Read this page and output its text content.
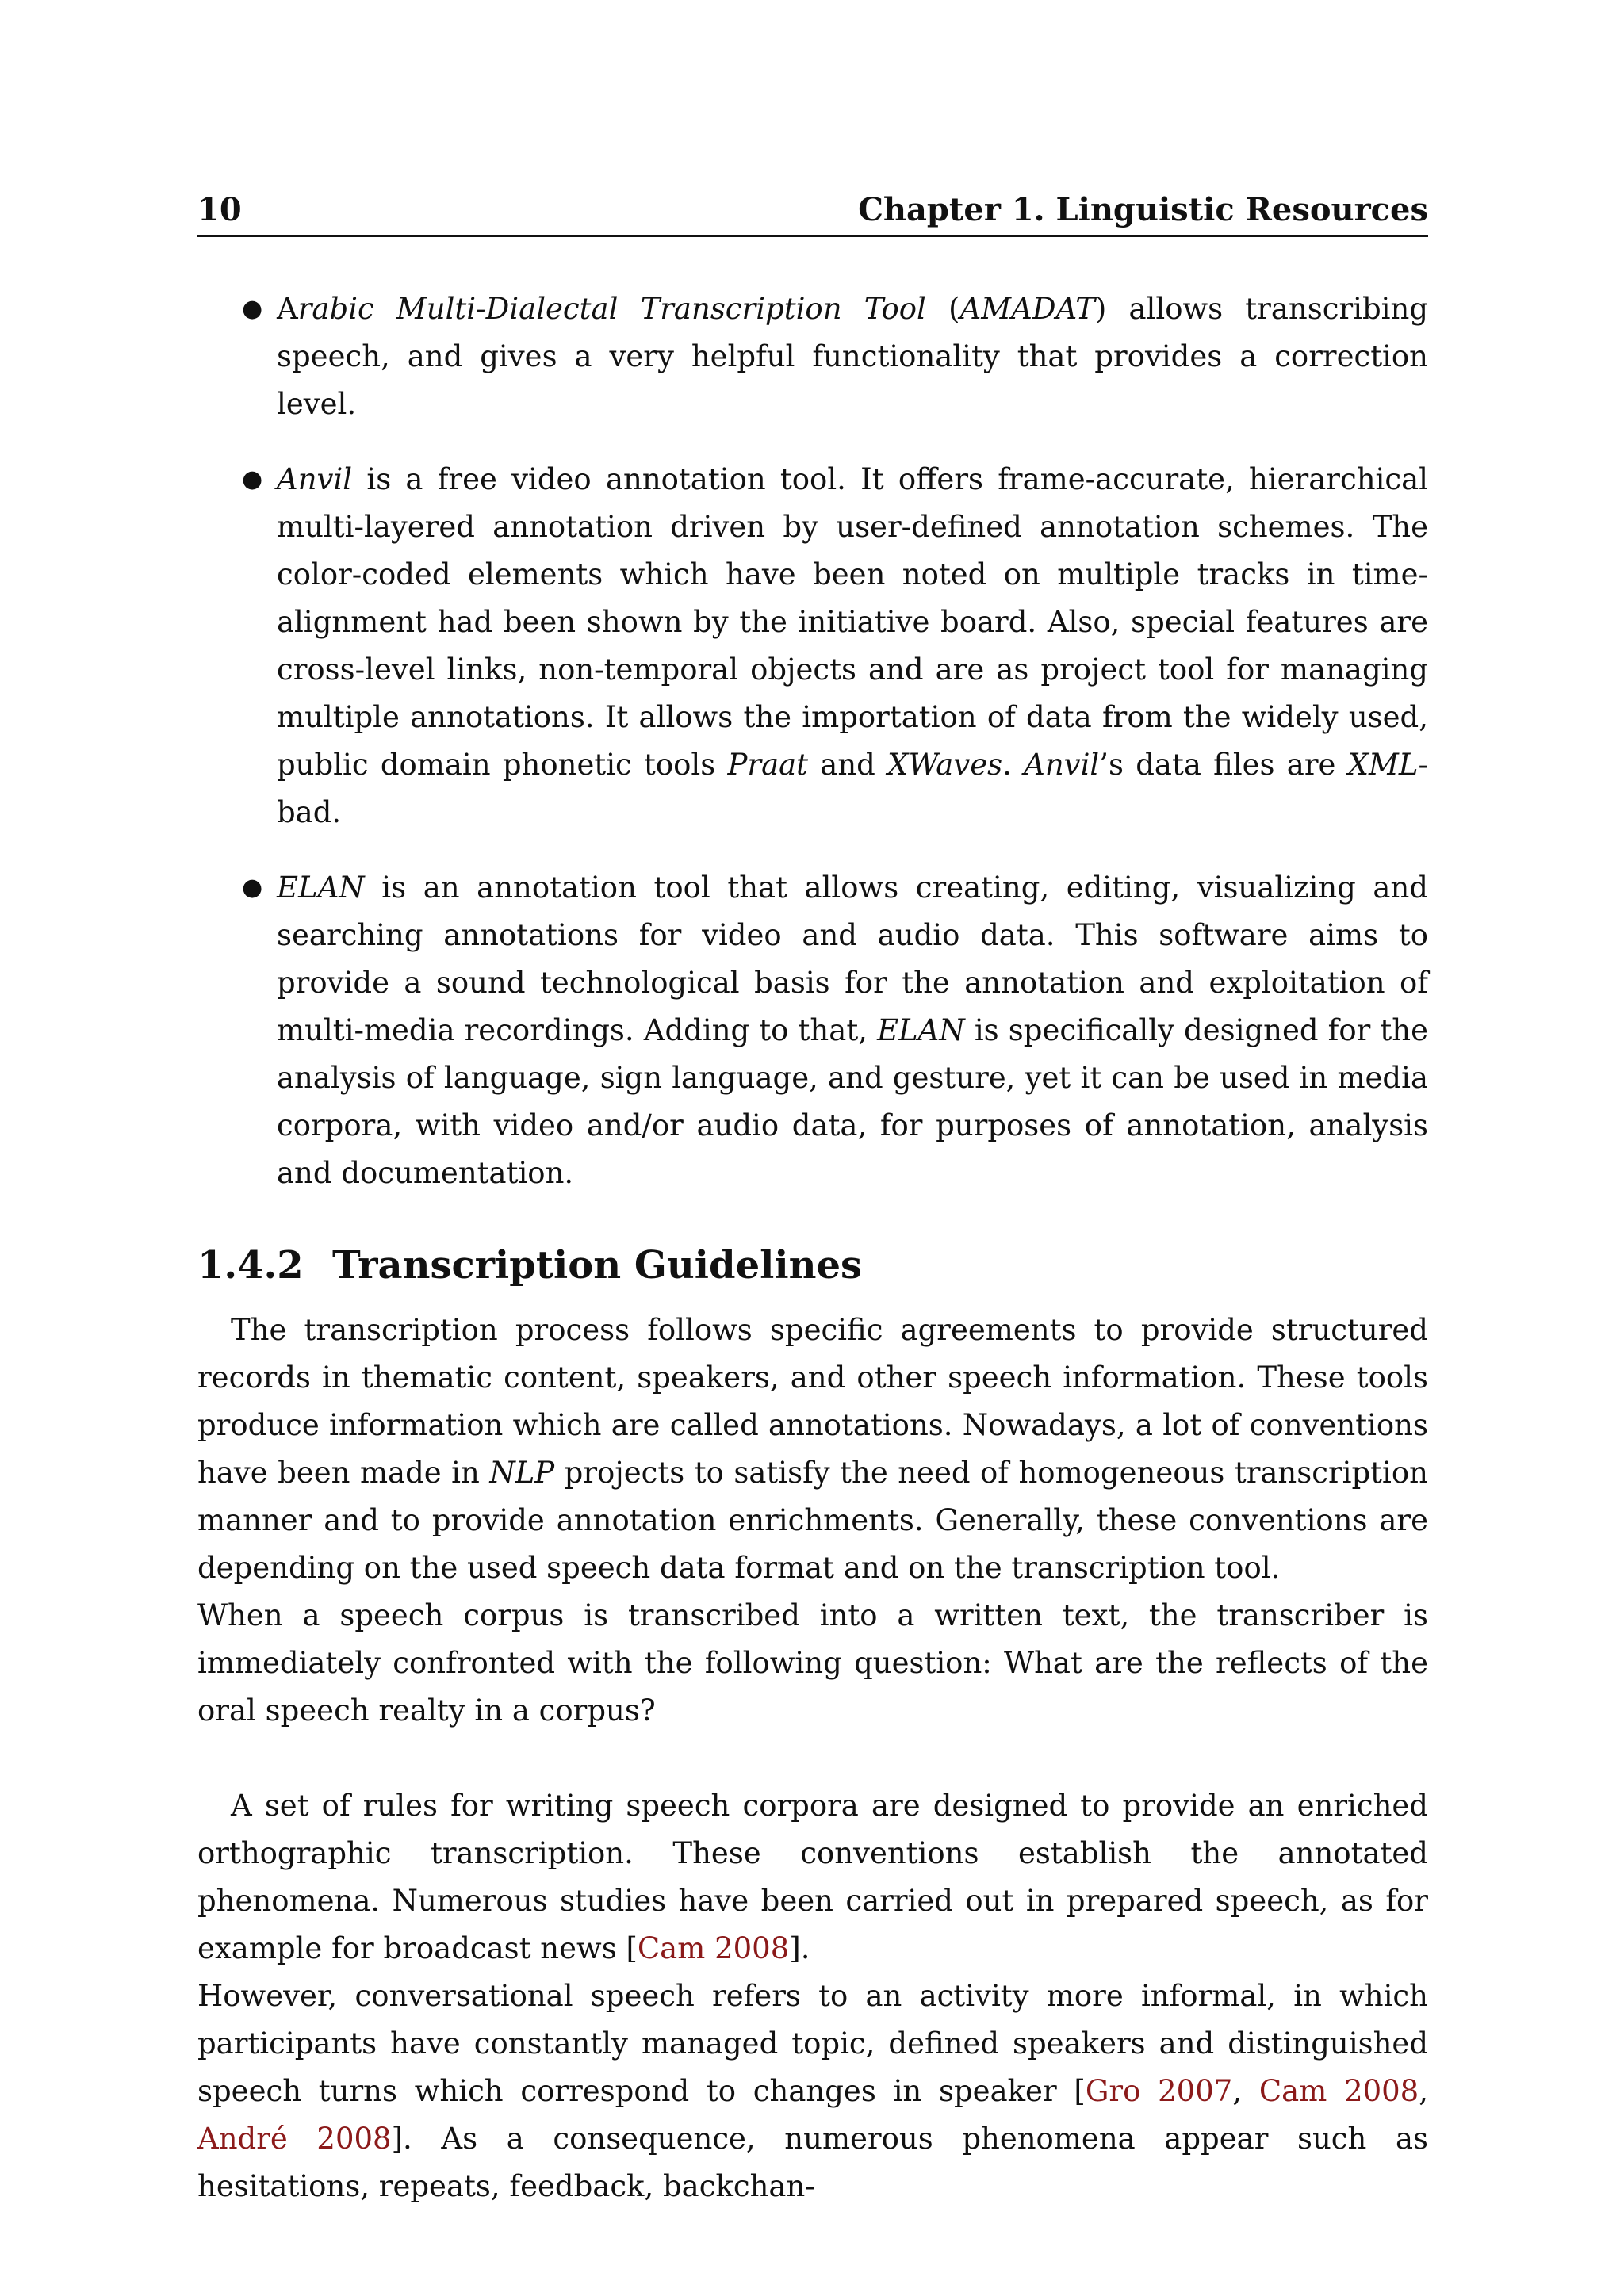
10	Chapter 1. Linguistic Resources
● Arabic Multi-Dialectal Transcription Tool (AMADAT) allows transcribing speech, and gives a very helpful functionality that provides a correction level.
● Anvil is a free video annotation tool. It offers frame-accurate, hierarchical multi-layered annotation driven by user-defined annotation schemes. The color-coded elements which have been noted on multiple tracks in time-alignment had been shown by the initiative board. Also, special features are cross-level links, non-temporal objects and are as project tool for managing multiple annotations. It allows the importation of data from the widely used, public domain phonetic tools Praat and XWaves. Anvil’s data files are XML-bad.
● ELAN is an annotation tool that allows creating, editing, visualizing and searching annotations for video and audio data. This software aims to provide a sound technological basis for the annotation and exploitation of multi-media recordings. Adding to that, ELAN is specifically designed for the analysis of language, sign language, and gesture, yet it can be used in media corpora, with video and/or audio data, for purposes of annotation, analysis and documentation.
1.4.2 Transcription Guidelines

The transcription process follows specific agreements to provide structured records in thematic content, speakers, and other speech information. These tools produce information which are called annotations. Nowadays, a lot of conventions have been made in NLP projects to satisfy the need of homogeneous transcription manner and to provide annotation enrichments. Generally, these conventions are depending on the used speech data format and on the transcription tool.

When a speech corpus is transcribed into a written text, the transcriber is immediately confronted with the following question: What are the reflects of the oral speech realty in a corpus?

A set of rules for writing speech corpora are designed to provide an enriched orthographic transcription. These conventions establish the annotated phenomena. Numerous studies have been carried out in prepared speech, as for example for broadcast news [Cam 2008].

However, conversational speech refers to an activity more informal, in which participants have constantly managed topic, defined speakers and distinguished speech turns which correspond to changes in speaker [Gro 2007, Cam 2008, André 2008]. As a consequence, numerous phenomena appear such as hesitations, repeats, feedback, backchan-
